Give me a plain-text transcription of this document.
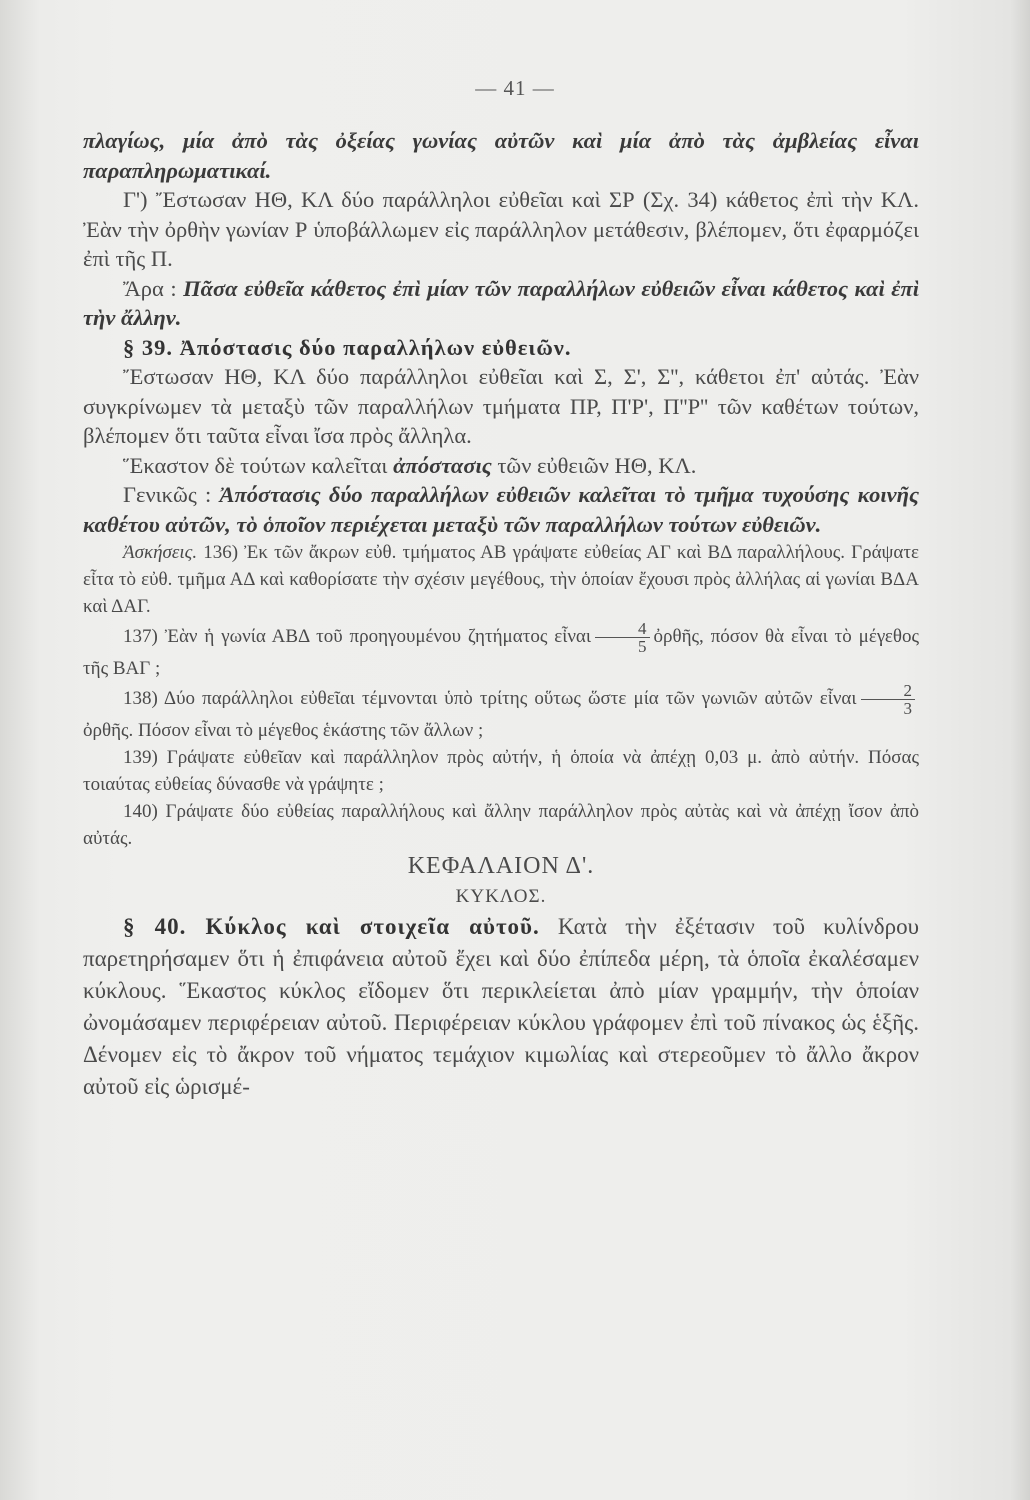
— 41 —

πλαγίως, μία ἀπὸ τὰς ὀξείας γωνίας αὐτῶν καὶ μία ἀπὸ τὰς ἀμβλείας εἶναι παραπληρωματικαί.

Γ') Ἔστωσαν ΗΘ, ΚΛ δύο παράλληλοι εὐθεῖαι καὶ ΣΡ (Σχ. 34) κάθετος ἐπὶ τὴν ΚΛ. Ἐὰν τὴν ὀρθὴν γωνίαν Ρ ὑποβάλλωμεν εἰς παράλληλον μετάθεσιν, βλέπομεν, ὅτι ἐφαρμόζει ἐπὶ τῆς Π.

Ἄρα : Πᾶσα εὐθεῖα κάθετος ἐπὶ μίαν τῶν παραλλήλων εὐθειῶν εἶναι κάθετος καὶ ἐπὶ τὴν ἄλλην.

§ 39. Ἀπόστασις δύο παραλλήλων εὐθειῶν.

Ἔστωσαν ΗΘ, ΚΛ δύο παράλληλοι εὐθεῖαι καὶ Σ, Σ', Σ'', κάθετοι ἐπ' αὐτάς. Ἐὰν συγκρίνωμεν τὰ μεταξὺ τῶν παραλλήλων τμήματα ΠΡ, Π'Ρ', Π''Ρ'' τῶν καθέτων τούτων, βλέπομεν ὅτι ταῦτα εἶναι ἴσα πρὸς ἄλληλα.

Ἕκαστον δὲ τούτων καλεῖται ἀπόστασις τῶν εὐθειῶν ΗΘ, ΚΛ.

Γενικῶς : Ἀπόστασις δύο παραλλήλων εὐθειῶν καλεῖται τὸ τμῆμα τυχούσης κοινῆς καθέτου αὐτῶν, τὸ ὁποῖον περιέχεται μεταξὺ τῶν παραλλήλων τούτων εὐθειῶν.

Ἀσκήσεις. 136) Ἐκ τῶν ἄκρων εὐθ. τμήματος ΑΒ γράψατε εὐθείας ΑΓ καὶ ΒΔ παραλλήλους. Γράψατε εἶτα τὸ εὐθ. τμῆμα ΑΔ καὶ καθορίσατε τὴν σχέσιν μεγέθους, τὴν ὁποίαν ἔχουσι πρὸς ἀλλήλας αἱ γωνίαι ΒΔΑ καὶ ΔΑΓ.

137) Ἐὰν ἡ γωνία ΑΒΔ τοῦ προηγουμένου ζητήματος εἶναι $\frac{4}{5}$ ὀρθῆς, πόσον θὰ εἶναι τὸ μέγεθος τῆς ΒΑΓ ;

138) Δύο παράλληλοι εὐθεῖαι τέμνονται ὑπὸ τρίτης οὕτως ὥστε μία τῶν γωνιῶν αὐτῶν εἶναι $\frac{2}{3}$
ὀρθῆς. Πόσον εἶναι τὸ μέγεθος ἑκάστης τῶν ἄλλων ;

139) Γράψατε εὐθεῖαν καὶ παράλληλον πρὸς αὐτήν, ἡ ὁποία νὰ ἀπέχῃ 0,03 μ. ἀπὸ αὐτήν. Πόσας τοιαύτας εὐθείας δύνασθε νὰ γράψητε ;

140) Γράψατε δύο εὐθείας παραλλήλους καὶ ἄλλην παράλληλον πρὸς αὐτὰς καὶ νὰ ἀπέχῃ ἴσον ἀπὸ αὐτάς.

ΚΕΦΑΛΑΙΟΝ Δ'.

ΚΥΚΛΟΣ.

§ 40. Κύκλος καὶ στοιχεῖα αὐτοῦ. Κατὰ τὴν ἐξέτασιν τοῦ κυλίνδρου παρετηρήσαμεν ὅτι ἡ ἐπιφάνεια αὐτοῦ ἔχει καὶ δύο ἐπίπεδα μέρη, τὰ ὁποῖα ἐκαλέσαμεν κύκλους. Ἕκαστος κύκλος εἴδομεν ὅτι περικλείεται ἀπὸ μίαν γραμμήν, τὴν ὁποίαν ὠνομάσαμεν περιφέρειαν αὐτοῦ. Περιφέρειαν κύκλου γράφομεν ἐπὶ τοῦ πίνακος ὡς ἑξῆς. Δένομεν εἰς τὸ ἄκρον τοῦ νήματος τεμάχιον κιμωλίας καὶ στερεοῦμεν τὸ ἄλλο ἄκρον αὐτοῦ εἰς ὡρισμέ-
